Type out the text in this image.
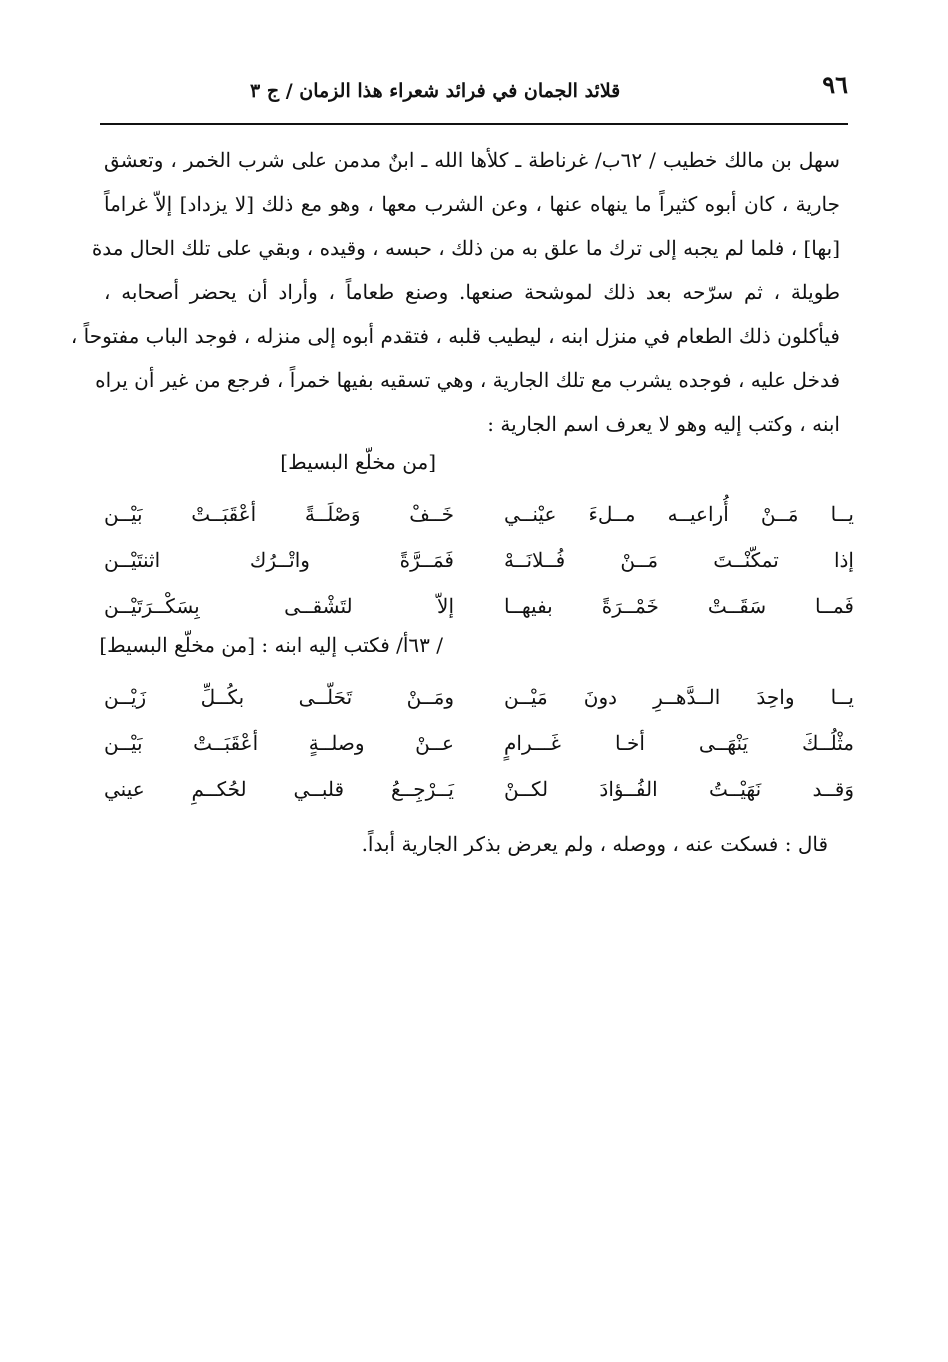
٩٦
قلائد الجمان في فرائد شعراء هذا الزمان / ج ٣
سهل بن مالك خطيب / ٦٢ب/ غرناطة ـ كلأها الله ـ ابنٌ مدمن على شرب الخمر ، وتعشق
جارية ، كان أبوه كثيراً ما ينهاه عنها ، وعن الشرب معها ، وهو مع ذلك [لا يزداد] إلاّ غراماً
[بها] ، فلما لم يجبه إلى ترك ما علق به من ذلك ، حبسه ، وقيده ، وبقي على تلك الحال مدة
طويلة ، ثم سرّحه بعد ذلك لموشحة صنعها. وصنع طعاماً ، وأراد أن يحضر أصحابه ،
فيأكلون ذلك الطعام في منزل ابنه ، ليطيب قلبه ، فتقدم أبوه إلى منزله ، فوجد الباب مفتوحاً ،
فدخل عليه ، فوجده يشرب مع تلك الجارية ، وهي تسقيه بفيها خمراً ، فرجع من غير أن يراه
ابنه ، وكتب إليه وهو لا يعرف اسم الجارية :
[من مخلّع البسيط]
يــا مَــنْ أُراعيــه مــلءَ عيْنــي
خَــفْ وَصْلَــةً أعْقَبَــتْ بَيْــن
إذا تمكّنْــتَ مَــنْ فُــلانَــهْ
فَمَــرَّةً واتْــرُك اثنتَيْــن
فَمــا سَقَــتْ خَمْــرَةً بفيهــا
إلاّ لتَشْقــى بِسَكْــرَتَيْــن
/ ٦٣أ/ فكتب إليه ابنه : [من مخلّع البسيط]
يــا واحِدَ الــدَّهــرِ دونَ مَيْــن
ومَــنْ تَحَلّــى بكُــلِّ زَيْــن
مثْلُــكَ يَنْهَــى أخـا غَـــرامٍ
عــنْ وصلــةٍ أعْقَبَــتْ بَيْــن
وَقــد نَهَيْــتُ الفُــؤادَ لكــنْ
يَــرْجِــعُ قلبــي لحُكــمِ عيني
قال : فسكت عنه ، ووصله ، ولم يعرض بذكر الجارية أبداً.
